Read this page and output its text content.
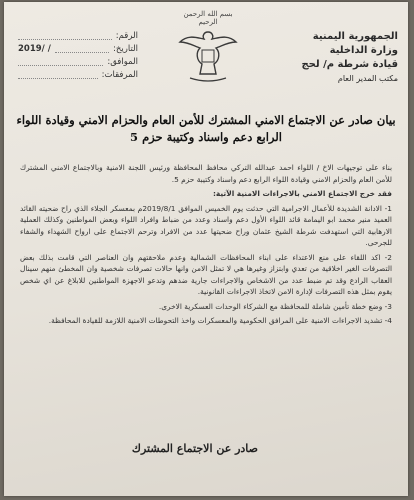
الجمهورية اليمنية
وزارة الداخلية
قيادة شرطة م/ لحج
مكتب المدير العام
بسم الله الرحمن الرحيم
الرقم:
التاريخ:
2019/ /
الموافق:
المرفقات:
بيان صادر عن الاجتماع الامني المشترك للأمن العام والحزام الامني وقيادة اللواء الرابع دعم واسناد وكتيبة حزم 5

بناء على توجيهات الاخ / اللواء احمد عبدالله التركي محافظ المحافظة ورئيس اللجنة الامنية وبالاجتماع الامني المشترك للأمن العام والحزام الامني وقيادة اللواء الرابع دعم واسناد وكتيبة حزم 5.

فقد خرج الاجتماع الامني بالاجراءات الامنية الآتية:

1- الادانة الشديدة للأعمال الاجرامية التي حدثت يوم الخميس الموافق 2019/8/1م بمعسكر الجلاء الذي راح ضحيته القائد العميد منير محمد ابو اليمامة قائد اللواء الأول دعم واسناد وعدد من ضباط وافراد اللواء وبعض المواطنين وكذلك العملية الارهابية التي استهدفت شرطة الشيخ عثمان وراح ضحيتها عدد من الافراد وترحم الاجتماع على ارواح الشهداء والشفاء للجرحى.

2- اكد اللقاء على منع الاعتداء على ابناء المحافظات الشمالية وعدم ملاحقتهم وان العناصر التي قامت بذلك بعض التصرفات الغير اخلاقية من تعدي وابتزاز وغيرها هي لا تمثل الامن وانها حالات تصرفات شخصية وان المخطئ منهم سينال العقاب الرادع وقد تم ضبط عدد من الاشخاص والاجراءات جارية ضدهم وتدعو الاجهزة المواطنين للابلاغ عن اي شخص يقوم بمثل هذه التصرفات لإدارة الامن لاتخاذ الاجراءات القانونية.

3- وضع خطة تأمين شاملة للمحافظة مع الشركاء الوحدات العسكرية الاخرى.

4- تشديد الاجراءات الامنية على المرافق الحكومية والمعسكرات واخذ التحوطات الامنية اللازمة للقيادة المحافظة.

صادر عن الاجتماع المشترك
